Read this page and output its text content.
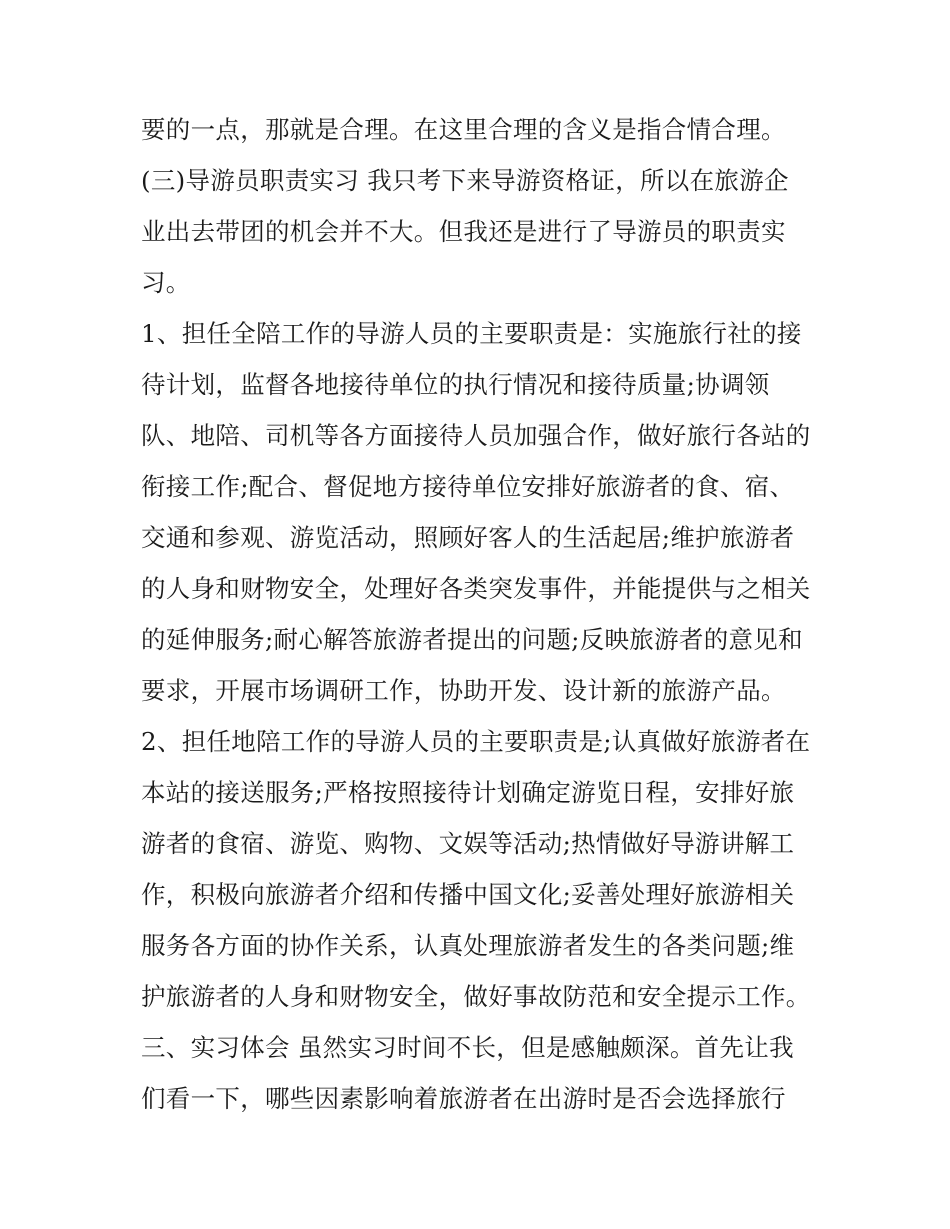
要的一点，那就是合理。在这里合理的含义是指合情合理。
(三)导游员职责实习 我只考下来导游资格证，所以在旅游企
业出去带团的机会并不大。但我还是进行了导游员的职责实
习。
1、担任全陪工作的导游人员的主要职责是：实施旅行社的接
待计划，监督各地接待单位的执行情况和接待质量;协调领
队、地陪、司机等各方面接待人员加强合作，做好旅行各站的
衔接工作;配合、督促地方接待单位安排好旅游者的食、宿、
交通和参观、游览活动，照顾好客人的生活起居;维护旅游者
的人身和财物安全，处理好各类突发事件，并能提供与之相关
的延伸服务;耐心解答旅游者提出的问题;反映旅游者的意见和
要求，开展市场调研工作，协助开发、设计新的旅游产品。
2、担任地陪工作的导游人员的主要职责是;认真做好旅游者在
本站的接送服务;严格按照接待计划确定游览日程，安排好旅
游者的食宿、游览、购物、文娱等活动;热情做好导游讲解工
作，积极向旅游者介绍和传播中国文化;妥善处理好旅游相关
服务各方面的协作关系，认真处理旅游者发生的各类问题;维
护旅游者的人身和财物安全，做好事故防范和安全提示工作。
三、实习体会 虽然实习时间不长，但是感触颇深。首先让我
们看一下，哪些因素影响着旅游者在出游时是否会选择旅行
